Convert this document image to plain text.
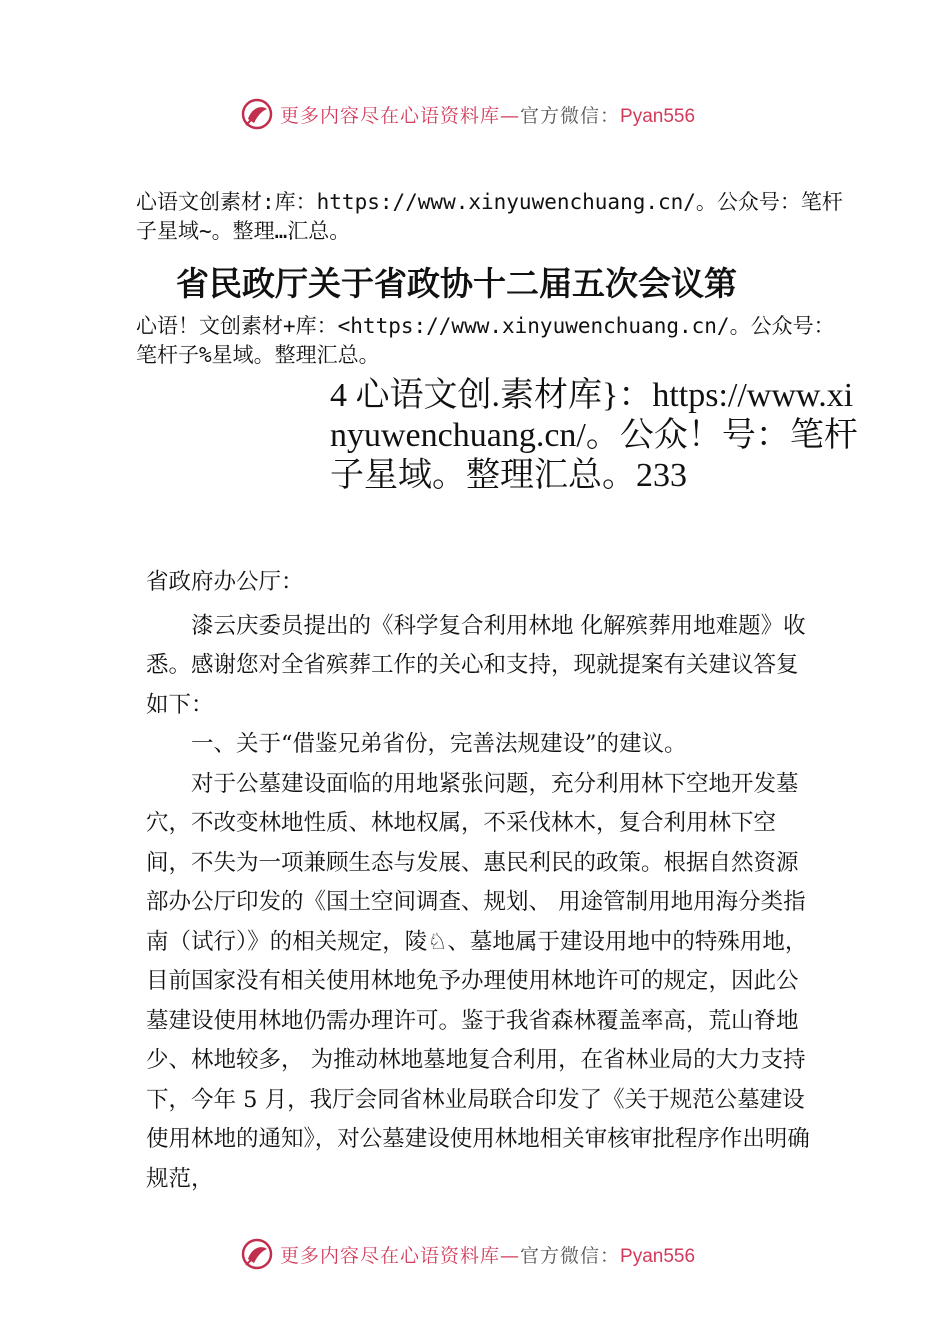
更多内容尽在心语资料库—官方微信：Pyan556
心语文创素材:库：https://www.xinyuwenchuang.cn/。公众号：笔杆子星域~。整理…汇总。
省民政厅关于省政协十二届五次会议第
心语！文创素材+库：<https://www.xinyuwenchuang.cn/。公众号：笔杆子%星域。整理汇总。
4 心语文创.素材库}：https://www.xinyuwenchuang.cn/。公众！号：笔杆子星域。整理汇总。233

省政府办公厅：

漆云庆委员提出的《科学复合利用林地 化解殡葬用地难题》收悉。感谢您对全省殡葬工作的关心和支持，现就提案有关建议答复如下：

一、关于“借鉴兄弟省份，完善法规建设”的建议。

对于公墓建设面临的用地紧张问题，充分利用林下空地开发墓穴，不改变林地性质、林地权属，不采伐林木，复合利用林下空间，不失为一项兼顾生态与发展、惠民利民的政策。根据自然资源部办公厅印发的《国土空间调查、规划、 用途管制用地用海分类指南（试行）》的相关规定，陵♘、墓地属于建设用地中的特殊用地，目前国家没有相关使用林地免予办理使用林地许可的规定，因此公墓建设使用林地仍需办理许可。鉴于我省森林覆盖率高，荒山脊地少、林地较多， 为推动林地墓地复合利用，在省林业局的大力支持下，今年 5 月，我厅会同省林业局联合印发了《关于规范公墓建设使用林地的通知》，对公墓建设使用林地相关审核审批程序作出明确规范，

更多内容尽在心语资料库—官方微信：Pyan556
